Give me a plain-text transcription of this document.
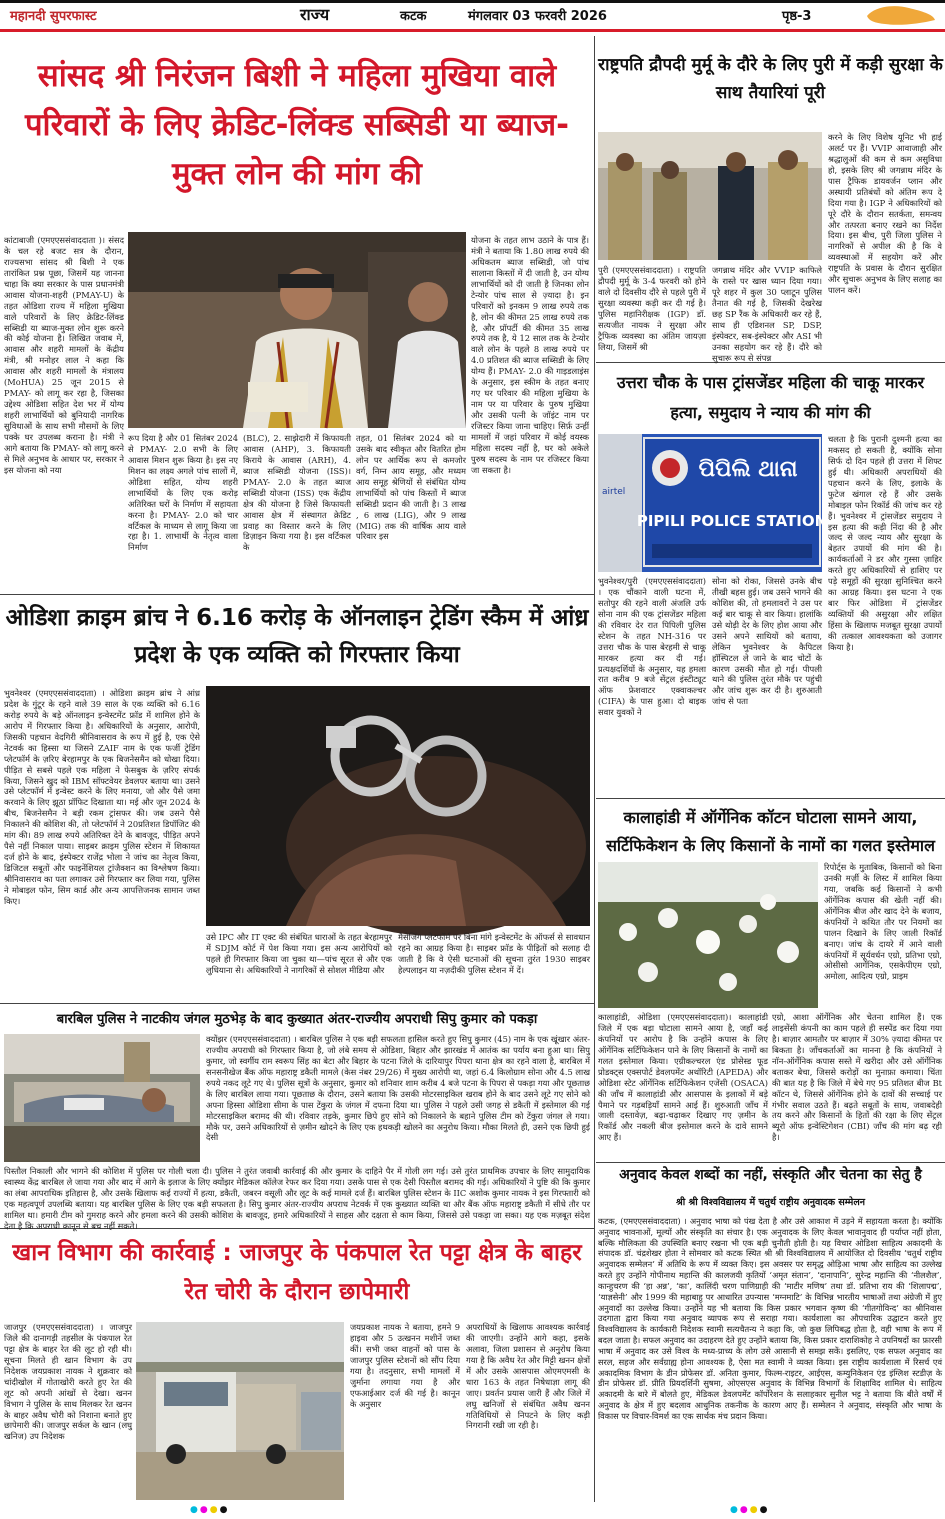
महानदी सुपरफास्ट	राज्य	कटक	मंगलवार 03 फरवरी 2026	पृष्ठ-3
सांसद श्री निरंजन बिशी ने महिला मुखिया वाले परिवारों के लिए क्रेडिट-लिंक्ड सब्सिडी या ब्याज-मुक्त लोन की मांग की
कांटाबाजी (एमएएससंवाददाता )। संसद के चल रहे बजट सत्र के दौरान, राज्यसभा सांसद श्री बिशी ने एक तारांकित प्रश्न पूछा, जिसमें यह जानना चाहा कि क्या सरकार के पास प्रधानमंत्री आवास योजना-शहरी (PMAY-U) के तहत ओडिशा राज्य में महिला मुखिया वाले परिवारों के लिए क्रेडिट-लिंक्ड सब्सिडी या ब्याज-मुक्त लोन शुरू करने की कोई योजना है। लिखित जवाब में, आवास और शहरी मामलों के केंद्रीय मंत्री, श्री मनोहर लाल ने कहा कि आवास और शहरी मामलों के मंत्रालय (MoHUA) 25 जून 2015 से PMAY- को लागू कर रहा है, जिसका उद्देश्य ओडिशा सहित देश भर में योग्य शहरी लाभार्थियों को बुनियादी नागरिक सुविधाओं के साथ सभी मौसमों के लिए पक्के घर उपलब्ध कराना है। मंत्री ने आगे बताया कि PMAY- को लागू करने से मिले अनुभव के आधार पर, सरकार ने इस योजना को नया
रूप दिया है और 01 सितंबर 2024 से PMAY- 2.0 सभी के लिए आवास मिशन शुरू किया है। इस नए मिशन का लक्ष्य अगले पांच सालों में, ओडिशा सहित, योग्य शहरी लाभार्थियों के लिए एक करोड़ अतिरिक्त घरों के निर्माण में सहायता करना है। PMAY- 2.0 को चार वर्टिकल के माध्यम से लागू किया जा रहा है। 1. लाभार्थी के नेतृत्व वाला निर्माण
(BLC), 2. साझेदारी में किफायती आवास (AHP), 3. किफायती किराये के आवास (ARH), 4. ब्याज सब्सिडी योजना (ISS)। PMAY- 2.0 के तहत ब्याज सब्सिडी योजना (ISS) एक केंद्रीय क्षेत्र की योजना है जिसे किफायती आवास क्षेत्र में संस्थागत क्रेडिट प्रवाह का विस्तार करने के लिए डिज़ाइन किया गया है। इस वर्टिकल के
तहत, 01 सितंबर 2024 को या उसके बाद स्वीकृत और वितरित होम लोन पर आर्थिक रूप से कमजोर वर्ग, निम्न आय समूह, और मध्यम आय समूह श्रेणियों से संबंधित योग्य लाभार्थियों को पांच किस्तों में ब्याज सब्सिडी प्रदान की जाती है। 3 लाख , 6 लाख (LIG), और 9 लाख (MIG) तक की वार्षिक आय वाले परिवार इस
योजना के तहत लाभ उठाने के पात्र हैं। मंत्री ने बताया कि 1.80 लाख रुपये की अधिकतम ब्याज सब्सिडी, जो पांच सालाना किस्तों में दी जाती है, उन योग्य लाभार्थियों को दी जाती है जिनका लोन टेन्योर पांच साल से ज़्यादा है। इन परिवारों को इनकम 9 लाख रुपये तक है, लोन की कीमत 25 लाख रुपये तक है, और प्रॉपर्टी की कीमत 35 लाख रुपये तक है, ये 12 साल तक के टेन्योर वाले लोन के पहले 8 लाख रुपये पर 4.0 प्रतिशत की ब्याज सब्सिडी के लिए योग्य हैं। PMAY- 2.0 की गाइडलाइंस के अनुसार, इस स्कीम के तहत बनाए गए घर परिवार की महिला मुखिया के नाम पर या परिवार के पुरुष मुखिया और उसकी पत्नी के जॉइंट नाम पर रजिस्टर किया जाना चाहिए। सिर्फ़ उन्हीं मामलों में जहां परिवार में कोई वयस्क महिला सदस्य नहीं है, घर को अकेले पुरुष सदस्य के नाम पर रजिस्टर किया जा सकता है।
ओडिशा क्राइम ब्रांच ने 6.16 करोड़ के ऑनलाइन ट्रेडिंग स्कैम में आंध्र प्रदेश के एक व्यक्ति को गिरफ्तार किया
भुवनेश्वर (एमएएससंवाददाता) । ओडिशा क्राइम ब्रांच ने आंध्र प्रदेश के गुंटूर के रहने वाले 39 साल के एक व्यक्ति को 6.16 करोड़ रुपये के बड़े ऑनलाइन इन्वेस्टमेंट फ्रॉड में शामिल होने के आरोप में गिरफ्तार किया है। अधिकारियों के अनुसार, आरोपी, जिसकी पहचान वेदगिरी श्रीनिवासराव के रूप में हुई है, एक ऐसे नेटवर्क का हिस्सा था जिसने ZAIF नाम के एक फर्जी ट्रेडिंग प्लेटफॉर्म के ज़रिए बेरहामपुर के एक बिजनेसमैन को धोखा दिया। पीड़ित से सबसे पहले एक महिला ने फेसबुक के ज़रिए संपर्क किया, जिसने खुद को IBM सॉफ्टवेयर डेवलपर बताया था। उसने उसे प्लेटफॉर्म में इन्वेस्ट करने के लिए मनाया, जो और पैसे जमा करवाने के लिए झूठा प्रॉफिट दिखाता था। मई और जून 2024 के बीच, बिजनेसमैन ने बड़ी रकम ट्रांसफर की। जब उसने पैसे निकालने की कोशिश की, तो प्लेटफॉर्म ने 20प्रतिशत डिपॉजिट की मांग की। 89 लाख रुपये अतिरिक्त देने के बावजूद, पीड़ित अपने पैसे नहीं निकाल पाया। साइबर क्राइम पुलिस स्टेशन में शिकायत दर्ज होने के बाद, इंस्पेक्टर राजेंद्र भोला ने जांच का नेतृत्व किया, डिजिटल सबूतों और फाइनेंशियल ट्रांजैक्शन का विश्लेषण किया। श्रीनिवासराव का पता लगाकर उसे गिरफ्तार कर लिया गया, पुलिस ने मोबाइल फोन, सिम कार्ड और अन्य आपत्तिजनक सामान जब्त किए।
उसे IPC और IT एक्ट की संबंधित धाराओं के तहत बेरहामपुर में SDJM कोर्ट में पेश किया गया। इस अन्य आरोपियों को पहले ही गिरफ्तार किया जा चुका था—पांच सूरत से और एक लुधियाना से। अधिकारियों ने नागरिकों से सोशल मीडिया और
मैसेजिंग प्लेटफॉर्म पर बिना मांगे इन्वेस्टमेंट के ऑफर्स से सावधान रहने का आग्रह किया है। साइबर फ्रॉड के पीड़ितों को सलाह दी जाती है कि वे ऐसी घटनाओं की सूचना तुरंत 1930 साइबर हेल्पलाइन या नज़दीकी पुलिस स्टेशन में दें।
बारबिल पुलिस ने नाटकीय जंगल मुठभेड़ के बाद कुख्यात अंतर-राज्यीय अपराधी सिपु कुमार को पकड़ा
क्योंझर (एमएएससंवाददाता) । बारबिल पुलिस ने एक बड़ी सफलता हासिल करते हुए सिपु कुमार (45) नाम के एक खूंखार अंतर-राज्यीय अपराधी को गिरफ्तार किया है, जो लंबे समय से ओडिशा, बिहार और झारखंड में आतंक का पर्याय बना हुआ था। सिपु कुमार, जो स्वर्गीय राम स्वरूप सिंह का बेटा और बिहार के पटना जिले के दारियापुर पिपरा थाना क्षेत्र का रहने वाला है, बारबिल में सनसनीखेज बैंक ऑफ महाराष्ट्र डकैती मामले (केस नंबर 29/26) में मुख्य आरोपी था, जहां 6.4 किलोग्राम सोना और 4.5 लाख रुपये नकद लूटे गए थे। पुलिस सूत्रों के अनुसार, कुमार को शनिवार शाम करीब 4 बजे पटना के पिपरा से पकड़ा गया और पूछताछ के लिए बारबिल लाया गया। पूछताछ के दौरान, उसने बताया कि उसकी मोटरसाइकिल खराब होने के बाद उसने लूटे गए सोने को अपना हिस्सा ओडिशा सीमा के पास टेंकुरा के जंगल में दफना दिया था। पुलिस ने पहले उसी जगह से डकैती में इस्तेमाल की गई मोटरसाइकिल बरामद की थी। रविवार तड़के, कुमार छिपे हुए सोने को निकालने के बहाने पुलिस टीम को टेंकुरा जंगल ले गया। मौके पर, उसने अधिकारियों से ज़मीन खोदने के लिए एक हथकड़ी खोलने का अनुरोध किया। मौका मिलते ही, उसने एक छिपी हुई देसी
पिस्तौल निकाली और भागने की कोशिश में पुलिस पर गोली चला दी। पुलिस ने तुरंत जवाबी कार्रवाई की और कुमार के दाहिने पैर में गोली लग गई। उसे तुरंत प्राथमिक उपचार के लिए सामुदायिक स्वास्थ्य केंद्र बारबिल ले जाया गया और बाद में आगे के इलाज के लिए क्योंझर मेडिकल कॉलेज रेफर कर दिया गया। उसके पास से एक देसी पिस्तौल बरामद की गई। अधिकारियों ने पुष्टि की कि कुमार का लंबा आपराधिक इतिहास है, और उसके खिलाफ कई राज्यों में हत्या, डकैती, जबरन वसूली और लूट के कई मामले दर्ज हैं। बारबिल पुलिस स्टेशन के IIC अशोक कुमार नायक ने इस गिरफ्तारी को एक महत्वपूर्ण उपलब्धि बताया। यह बारबिल पुलिस के लिए एक बड़ी सफलता है। सिपु कुमार अंतर-राज्यीय अपराध नेटवर्क में एक कुख्यात व्यक्ति था और बैंक ऑफ महाराष्ट्र डकैती में सीधे तौर पर शामिल था। हमारी टीम को गुमराह करने और हमला करने की उसकी कोशिश के बावजूद, हमारे अधिकारियों ने साहस और दक्षता से काम किया, जिससे उसे पकड़ा जा सका। यह एक मज़बूत संदेश देता है कि अपराधी कानून से बच नहीं सकते।
खान विभाग की कार्रवाई : जाजपुर के पंकपाल रेत पट्टा क्षेत्र के बाहर रेत चोरी के दौरान छापेमारी
जाजपुर (एमएएससंवाददाता) । जाजपुर जिले की दानागड़ी तहसील के पंकपाल रेत पट्टा क्षेत्र के बाहर रेत की लूट हो रही थी। सूचना मिलते ही खान विभाग के उप निदेशक जयप्रकाश नायक ने शुक्रवार को चांदीखोल में गोताखोरी करते हुए रेत की लूट को अपनी आंखों से देखा। खनन विभाग ने पुलिस के साथ मिलकर रेत खनन के बाहर अवैध चोरी को निशाना बनाते हुए छापेमारी की। जाजपुर सर्कल के खान (लघु खनिज) उप निदेशक
जयप्रकाश नायक ने बताया, हमने 9 हाइवा और 5 उत्खनन मशीनें जब्त कीं। सभी जब्त वाहनों को पास के जाजपुर पुलिस स्टेशनों को सौंप दिया गया है। तदनुसार, सभी मामलों में जुर्माना लगाया गया है और एफआईआर दर्ज की गई है। कानून के अनुसार
अपराधियों के खिलाफ आवश्यक कार्रवाई की जाएगी। उन्होंने आगे कहा, इसके अलावा, जिला प्रशासन से अनुरोध किया गया है कि अवैध रेत और मिट्टी खनन क्षेत्रों में और उसके आसपास ओएमएमसी के धारा 163 के तहत निषेधाज्ञा लागू की जाए। प्रवर्तन प्रयास जारी हैं और जिले में लघु खनिजों से संबंधित अवैध खनन गतिविधियों से निपटने के लिए कड़ी निगरानी रखी जा रही है।
राष्ट्रपति द्रौपदी मुर्मू के दौरे के लिए पुरी में कड़ी सुरक्षा के साथ तैयारियां पूरी
करने के लिए विशेष यूनिट भी हाई अलर्ट पर हैं। VVIP आवाजाही और श्रद्धालुओं की कम से कम असुविधा हो, इसके लिए श्री जगन्नाथ मंदिर के पास ट्रैफिक डायवर्जन प्लान और अस्थायी प्रतिबंधों को अंतिम रूप दे दिया गया है। IGP ने अधिकारियों को पूरे दौरे के दौरान सतर्कता, समन्वय और तत्परता बनाए रखने का निर्देश दिया। इस बीच, पुरी जिला पुलिस ने नागरिकों से अपील की है कि वे व्यवस्थाओं में सहयोग करें और राष्ट्रपति के प्रवास के दौरान सुरक्षित और सुचारू अनुभव के लिए सलाह का पालन करें।
पुरी (एमएएससंवाददाता) । राष्ट्रपति द्रौपदी मुर्मू के 3-4 फरवरी को होने वाले दो दिवसीय दौरे से पहले पुरी में सुरक्षा व्यवस्था कड़ी कर दी गई है। पुलिस महानिरीक्षक (IGP) डॉ. सत्यजीत नायक ने सुरक्षा और ट्रैफिक व्यवस्था का अंतिम जायज़ा लिया, जिसमें श्री
जगन्नाथ मंदिर और VVIP काफिले के रास्ते पर खास ध्यान दिया गया। पूरे शहर में कुल 30 प्लाटून पुलिस तैनात की गई है, जिसकी देखरेख छह SP रैंक के अधिकारी कर रहे हैं, साथ ही एडिशनल SP, DSP, इंस्पेक्टर, सब-इंस्पेक्टर और ASI भी उनका सहयोग कर रहे हैं। दौरे को सुचारू रूप से संपन्न
उत्तरा चौक के पास ट्रांसजेंडर महिला की चाकू मारकर हत्या, समुदाय ने न्याय की मांग की
airtel
ପିପିଲି ଥାନା
PIPILI POLICE STATION
चलता है कि पुरानी दुश्मनी हत्या का मकसद हो सकती है, क्योंकि सोना सिर्फ दो दिन पहले ही उत्तरा में शिफ्ट हुई थी। अधिकारी अपराधियों की पहचान करने के लिए, इलाके के फुटेज खंगाल रहे हैं और उसके मोबाइल फोन रिकॉर्ड की जांच कर रहे हैं। भुवनेश्वर में ट्रांसजेंडर समुदाय ने इस हत्या की कड़ी निंदा की है और जल्द से जल्द न्याय और सुरक्षा के बेहतर उपायों की मांग की है। कार्यकर्ताओं ने डर और गुस्सा ज़ाहिर करते हुए अधिकारियों से हाशिए पर पड़े समूहों की सुरक्षा सुनिश्चित करने का आग्रह किया। इस घटना ने एक बार फिर ओडिशा में ट्रांसजेंडर व्यक्तियों की असुरक्षा और लक्षित हिंसा के खिलाफ मजबूत सुरक्षा उपायों की तत्काल आवश्यकता को उजागर किया है।
भुवनेश्वर/पुरी (एमएएससंवाददाता) । एक चौंकाने वाली घटना में, सतोपुर की रहने वाली अंजलि उर्फ सोना नाम की एक ट्रांसजेंडर महिला की रविवार देर रात पिपिली पुलिस स्टेशन के तहत NH-316 पर उत्तरा चौक के पास बेरहमी से चाकू मारकर हत्या कर दी गई। प्रत्यक्षदर्शियों के अनुसार, यह हमला रात करीब 9 बजे सेंट्रल इंस्टीट्यूट ऑफ फ्रेशवाटर एक्वाकल्चर (CIFA) के पास हुआ। दो बाइक सवार युवकों ने
सोना को रोका, जिससे उनके बीच तीखी बहस हुई। जब उसने भागने की कोशिश की, तो हमलावरों ने उस पर कई बार चाकू से वार किया। हालांकि उसे थोड़ी देर के लिए होश आया और उसने अपने साथियों को बताया, लेकिन भुवनेश्वर के कैपिटल हॉस्पिटल ले जाने के बाद चोटों के कारण उसकी मौत हो गई। पीपली थाने की पुलिस तुरंत मौके पर पहुंची और जांच शुरू कर दी है। शुरुआती जांच से पता
कालाहांडी में ऑर्गेनिक कॉटन घोटाला सामने आया, सर्टिफिकेशन के लिए किसानों के नामों का गलत इस्तेमाल
रिपोर्ट्स के मुताबिक, किसानों को बिना उनकी मर्ज़ी के लिस्ट में शामिल किया गया, जबकि कई किसानों ने कभी ऑर्गेनिक कपास की खेती नहीं की। ऑर्गेनिक बीज और खाद देने के बजाय, कंपनियों ने कथित तौर पर नियमों का पालन दिखाने के लिए जाली रिकॉर्ड बनाए। जांच के दायरे में आने वाली कंपनियों में सूर्यवर्धन एग्रो, प्रतिभा एग्रो, ओसीसो आर्गेनिक, एसकेपीएम एग्रो, अमोला, आदित्य एग्रो, प्राइम
कालाहांडी, ओडिशा (एमएएससंवाददाता)। कालाहांडी जिले में एक बड़ा घोटाला सामने आया है, जहाँ कई कंपनियों पर आरोप है कि उन्होंने कपास के लिए ऑर्गेनिक सर्टिफिकेशन पाने के लिए किसानों के नामों का गलत इस्तेमाल किया। एग्रीकल्चरल एंड प्रोसेस्ड फूड प्रोडक्ट्स एक्सपोर्ट डेवलपमेंट अथॉरिटी (APEDA) और ओडिशा स्टेट ऑर्गेनिक सर्टिफिकेशन एजेंसी (OSACA) की जाँच में कालाहांडी और आसपास के इलाकों में बड़े पैमाने पर गड़बड़ियाँ सामने आई हैं। शुरुआती जाँच में जाली दस्तावेज़, बढ़ा-चढ़ाकर दिखाए गए ज़मीन के रिकॉर्ड और नकली बीज इस्तेमाल करने के दावे सामने आए हैं।
एग्रो, आशा ऑर्गेनिक और चेतना शामिल हैं। एक लाइसेंसी कंपनी का काम पहले ही सस्पेंड कर दिया गया है। बाज़ार आमतौर पर बाज़ार में 30% ज़्यादा कीमत पर बिकता है। जाँचकर्ताओं का मानना है कि कंपनियों ने नॉन-ऑर्गेनिक कपास सस्ते में खरीदा और उसे ऑर्गेनिक बताकर बेचा, जिससे करोड़ों का मुनाफ़ा कमाया। चिंता की बात यह है कि जिले में बेचे गए 95 प्रतिशत बीज Bt कॉटन थे, जिससे ऑर्गेनिक होने के दावों की सच्चाई पर गंभीर सवाल उठते हैं। बढ़ते सबूतों के साथ, जवाबदेही तय करने और किसानों के हितों की रक्षा के लिए सेंट्रल ब्यूरो ऑफ इन्वेस्टिगेशन (CBI) जाँच की मांग बढ़ रही है।
अनुवाद केवल शब्दों का नहीं, संस्कृति और चेतना का सेतु है
श्री श्री विश्वविद्यालय में चतुर्थ राष्ट्रीय अनुवादक सम्मेलन
कटक, (एमएएससंवाददाता) । अनुवाद भाषा को पंख देता है और उसे आकाश में उड़ने में सहायता करता है। क्योंकि अनुवाद भावनाओं, मूल्यों और संस्कृति का संचार है। एक अनुवादक के लिए केवल भावानुवाद ही पर्याप्त नहीं होता, बल्कि मौलिकता की उपस्थिति बनाए रखना भी एक बड़ी चुनौती होती है। यह विचार ओडिशा साहित्य अकादमी के संपादक डॉ. चंद्रशेखर होता ने सोमवार को कटक स्थित श्री श्री विश्वविद्यालय में आयोजित दो दिवसीय ‘चतुर्थ राष्ट्रीय अनुवादक सम्मेलन’ में अतिथि के रूप में व्यक्त किए। इस अवसर पर समृद्ध ओड़िआ भाषा और साहित्य का उल्लेख करते हुए उन्होंने गोपीनाथ महान्ति की कालजयी कृतियों ‘अमृत संतान’, ‘दानापानि’, सुरेन्द्र महान्ति की ‘नीलशैल’, कान्हुचरण की ‘हा अन्न’, ‘का’, कालिंदी चरण पाणिग्राही की ‘माटीर मणिष’ तथा डॉ. प्रतिभा राय की ‘शिलापद्म’, ‘याज्ञसेनी’ और 1999 की महाबाहु पर आधारित उपन्यास ‘मग्नमाटि’ के विभिन्न भारतीय भाषाओं तथा अंग्रेजी में हुए अनुवादों का उल्लेख किया। उन्होंने यह भी बताया कि किस प्रकार भगवान कृष्ण की ‘गीतगोविन्द’ का श्रीनिवास उदगाता द्वारा किया गया अनुवाद व्यापक रूप से सराहा गया। कार्यशाला का औपचारिक उद्घाटन करते हुए विश्वविद्यालय के कार्यकारी निदेशक स्वामी सत्यचैतन्य ने कहा कि, जो कुछ लिपिबद्ध होता है, वही भाषा के रूप में बदल जाता है। सफल अनुवाद का उदाहरण देते हुए उन्होंने बताया कि, किस प्रकार दाराशिकोह ने उपनिषदों का फ़ारसी भाषा में अनुवाद कर उसे विश्व के मध्य-प्राच्य के लोग उसे आसानी से समझ सकें। इसलिए, एक सफल अनुवाद का सरल, सहज और सर्वग्राह्य होना आवश्यक है, ऐसा मत स्वामी ने व्यक्त किया। इस राष्ट्रीय कार्यशाला में रिसर्च एवं अकादमिक विभाग के डीन प्रोफेसर डॉ. अनिता कुमार, फिल्म-राइटर, आईएस, कम्युनिकेशन एंड इंग्लिश स्टडीज़ के डीन प्रोफेसर डॉ. प्रीति प्रियदर्शिनी सुषमा, ओएसएस अनुवाद के विभिन्न विभागों के शिक्षाविद शामिल थे। साहित्य अकादमी के बारे में बोलते हुए, मेडिकल डेवलपमेंट कॉर्पोरेशन के सलाहकार सुनील भट्ट ने बताया कि बीते वर्षों में अनुवाद के क्षेत्र में हुए बदलाव आधुनिक तकनीक के कारण आए हैं। सम्मेलन ने अनुवाद, संस्कृति और भाषा के विकास पर विचार-विमर्श का एक सार्थक मंच प्रदान किया।
●●●●	●●●●
